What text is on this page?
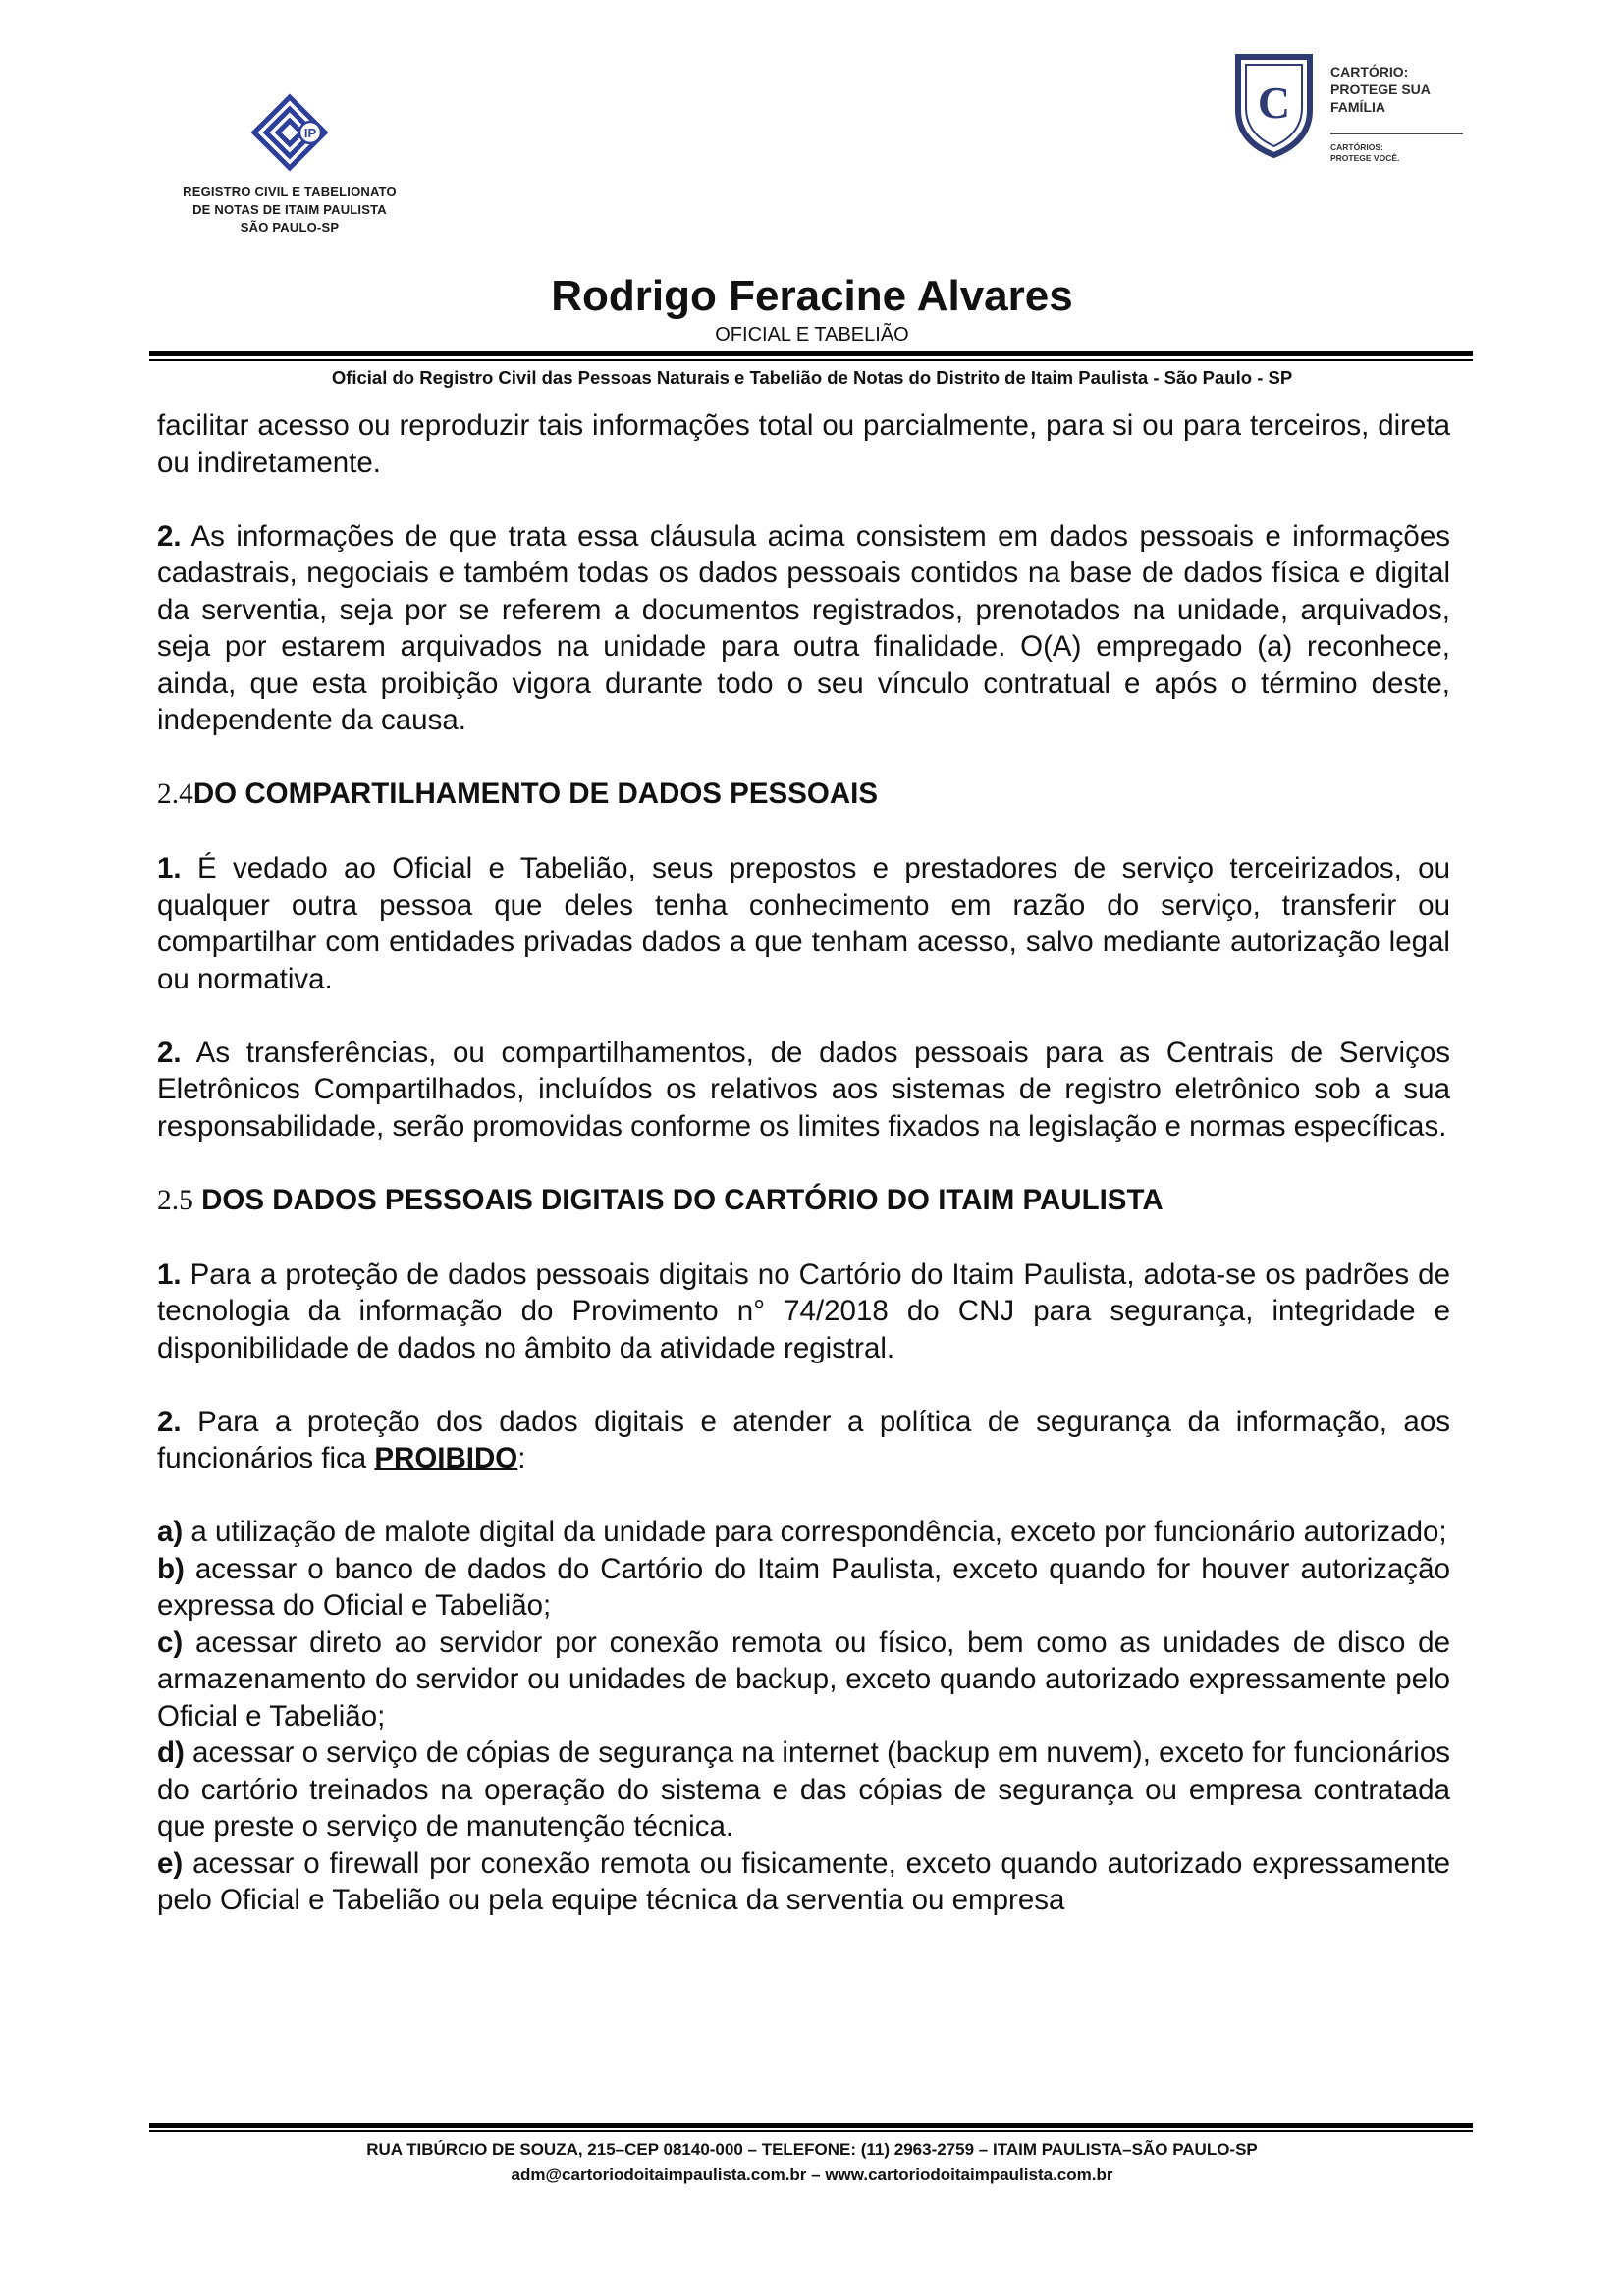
IP
REGISTRO CIVIL E TABELIONATO
DE NOTAS DE ITAIM PAULISTA
SÃO PAULO-SP
C
CARTÓRIO:
PROTEGE SUA
FAMÍLIA
CARTÓRIOS:
PROTEGE VOCÊ.
Rodrigo Feracine Alvares
OFICIAL E TABELIÃO
Oficial do Registro Civil das Pessoas Naturais e Tabelião de Notas do Distrito de Itaim Paulista - São Paulo - SP

facilitar acesso ou reproduzir tais informações total ou parcialmente, para si ou para terceiros, direta ou indiretamente.

2. As informações de que trata essa cláusula acima consistem em dados pessoais e informações cadastrais, negociais e também todas os dados pessoais contidos na base de dados física e digital da serventia, seja por se referem a documentos registrados, prenotados na unidade, arquivados, seja por estarem arquivados na unidade para outra finalidade. O(A) empregado (a) reconhece, ainda, que esta proibição vigora durante todo o seu vínculo contratual e após o término deste, independente da causa.

2.4DO COMPARTILHAMENTO DE DADOS PESSOAIS

1. É vedado ao Oficial e Tabelião, seus prepostos e prestadores de serviço terceirizados, ou qualquer outra pessoa que deles tenha conhecimento em razão do serviço, transferir ou compartilhar com entidades privadas dados a que tenham acesso, salvo mediante autorização legal ou normativa.

2. As transferências, ou compartilhamentos, de dados pessoais para as Centrais de Serviços Eletrônicos Compartilhados, incluídos os relativos aos sistemas de registro eletrônico sob a sua responsabilidade, serão promovidas conforme os limites fixados na legislação e normas específicas.

2.5 DOS DADOS PESSOAIS DIGITAIS DO CARTÓRIO DO ITAIM PAULISTA

1. Para a proteção de dados pessoais digitais no Cartório do Itaim Paulista, adota-se os padrões de tecnologia da informação do Provimento n° 74/2018 do CNJ para segurança, integridade e disponibilidade de dados no âmbito da atividade registral.

2. Para a proteção dos dados digitais e atender a política de segurança da informação, aos funcionários fica PROIBIDO:

a) a utilização de malote digital da unidade para correspondência, exceto por funcionário autorizado;

b) acessar o banco de dados do Cartório do Itaim Paulista, exceto quando for houver autorização expressa do Oficial e Tabelião;

c) acessar direto ao servidor por conexão remota ou físico, bem como as unidades de disco de armazenamento do servidor ou unidades de backup, exceto quando autorizado expressamente pelo Oficial e Tabelião;

d) acessar o serviço de cópias de segurança na internet (backup em nuvem), exceto for funcionários do cartório treinados na operação do sistema e das cópias de segurança ou empresa contratada que preste o serviço de manutenção técnica.

e) acessar o firewall por conexão remota ou fisicamente, exceto quando autorizado expressamente pelo Oficial e Tabelião ou pela equipe técnica da serventia ou empresa

RUA TIBÚRCIO DE SOUZA, 215–CEP 08140-000 – TELEFONE: (11) 2963-2759 – ITAIM PAULISTA–SÃO PAULO-SP
adm@cartoriodoitaimpaulista.com.br – www.cartoriodoitaimpaulista.com.br
